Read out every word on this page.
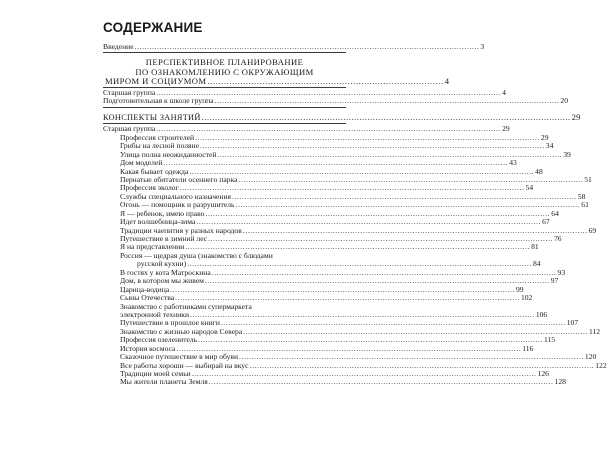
СОДЕРЖАНИЕ
Введение .......................................................................................................................................... 3
ПЕРСПЕКТИВНОЕ ПЛАНИРОВАНИЕ
ПО ОЗНАКОМЛЕНИЮ С ОКРУЖАЮЩИМ
МИРОМ И СОЦИУМОМ ...................................................................................... 4
Старшая группа .......................................................................................................................................... 4
Подготовительная к школе группа .......................................................................................................................................... 20
КОНСПЕКТЫ ЗАНЯТИЙ .......................................................................................................................................... 29
Старшая группа .......................................................................................................................................... 29
Профессия строителей .......................................................................................................................................... 29
Грибы на лесной поляне .......................................................................................................................................... 34
Улица полна неожиданностей .......................................................................................................................................... 39
Дом моделей .......................................................................................................................................... 43
Какая бывает одежда .......................................................................................................................................... 48
Пернатые обитатели осеннего парка .......................................................................................................................................... 51
Профессия эколог .......................................................................................................................................... 54
Службы специального назначения .......................................................................................................................................... 58
Огонь — помощник и разрушитель .......................................................................................................................................... 61
Я — ребенок, имею право .......................................................................................................................................... 64
Идет волшебница-зима .......................................................................................................................................... 67
Традиции чаепития у разных народов .......................................................................................................................................... 69
Путешествие в зимний лес .......................................................................................................................................... 76
Я на представлении .......................................................................................................................................... 81
Россия — щедрая душа (знакомство с блюдами
русской кухни) .......................................................................................................................................... 84
В гостях у кота Матроскина .......................................................................................................................................... 93
Дом, в котором мы живем .......................................................................................................................................... 97
Царица-водица .......................................................................................................................................... 99
Сыны Отечества .......................................................................................................................................... 102
Знакомство с работниками супермаркета
электронной техники .......................................................................................................................................... 106
Путешествие в прошлое книги .......................................................................................................................................... 107
Знакомство с жизнью народов Севера .......................................................................................................................................... 112
Профессия озеленитель .......................................................................................................................................... 115
История космоса .......................................................................................................................................... 116
Сказочное путешествие в мир обуви .......................................................................................................................................... 120
Все работы хороши — выбирай на вкус .......................................................................................................................................... 122
Традиции моей семьи .......................................................................................................................................... 126
Мы жители планеты Земля .......................................................................................................................................... 128
